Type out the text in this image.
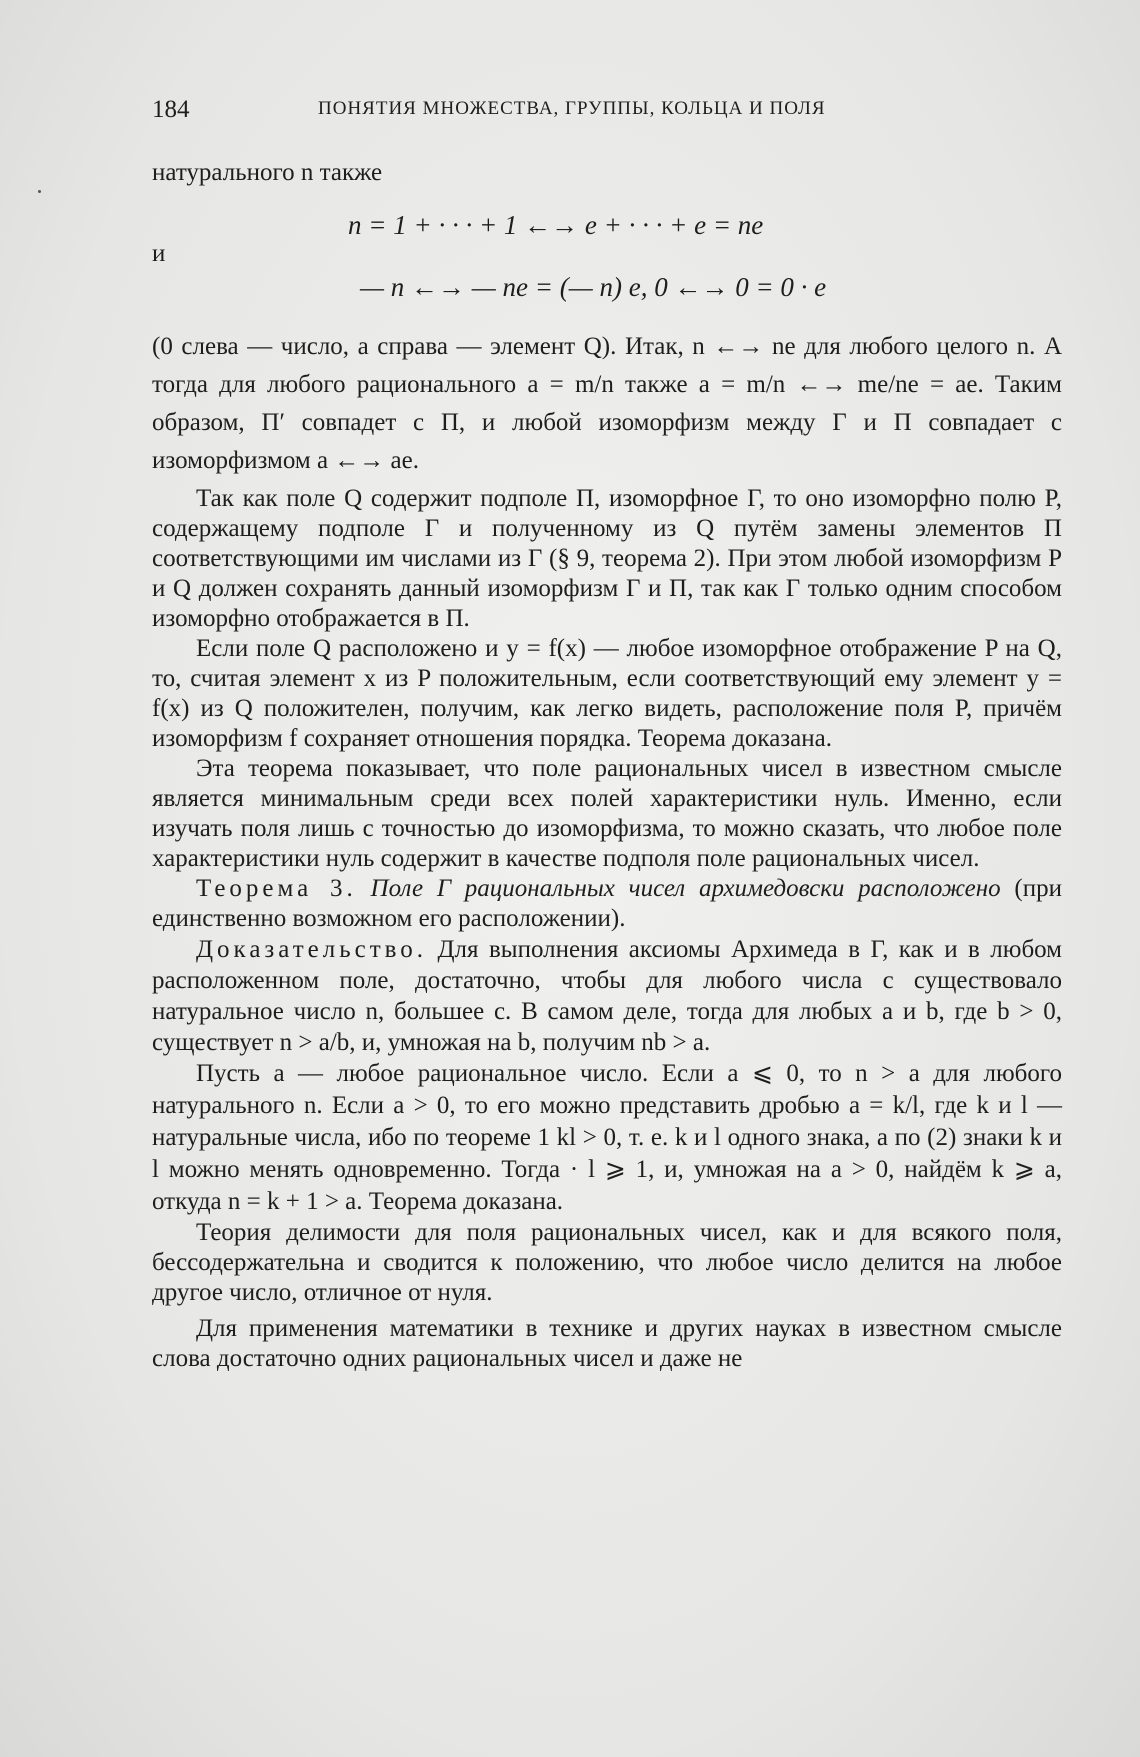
184	ПОНЯТИЯ МНОЖЕСТВА, ГРУППЫ, КОЛЬЦА И ПОЛЯ

натурального n также

n = 1 + · · · + 1 ←→ e + · · · + e = ne
и
— n ←→ — ne = (— n) e, 0 ←→ 0 = 0 · e

(0 слева — число, а справа — элемент Q). Итак, n ←→ ne для любого целого n. А тогда для любого рационального a = m/n также a = m/n ←→ me/ne = ae. Таким образом, П′ совпадет с П, и любой изоморфизм между Г и П совпадает с изоморфизмом a ←→ ae.

Так как поле Q содержит подполе П, изоморфное Г, то оно изоморфно полю P, содержащему подполе Г и полученному из Q путём замены элементов П соответствующими им числами из Г (§ 9, теорема 2). При этом любой изоморфизм P и Q должен сохранять данный изоморфизм Г и П, так как Г только одним способом изоморфно отображается в П.

Если поле Q расположено и y = f(x) — любое изоморфное отображение P на Q, то, считая элемент x из P положительным, если соответствующий ему элемент y = f(x) из Q положителен, получим, как легко видеть, расположение поля P, причём изоморфизм f сохраняет отношения порядка. Теорема доказана.

Эта теорема показывает, что поле рациональных чисел в известном смысле является минимальным среди всех полей характеристики нуль. Именно, если изучать поля лишь с точностью до изоморфизма, то можно сказать, что любое поле характеристики нуль содержит в качестве подполя поле рациональных чисел.

Теорема 3. Поле Г рациональных чисел архимедовски расположено (при единственно возможном его расположении).

Доказательство. Для выполнения аксиомы Архимеда в Г, как и в любом расположенном поле, достаточно, чтобы для любого числа c существовало натуральное число n, большее c. В самом деле, тогда для любых a и b, где b > 0, существует n > a/b, и, умножая на b, получим nb > a.

Пусть a — любое рациональное число. Если a ⩽ 0, то n > a для любого натурального n. Если a > 0, то его можно представить дробью a = k/l, где k и l — натуральные числа, ибо по теореме 1 kl > 0, т. е. k и l одного знака, а по (2) знаки k и l можно менять одновременно. Тогда · l ⩾ 1, и, умножая на a > 0, найдём k ⩾ a, откуда n = k + 1 > a. Теорема доказана.

Теория делимости для поля рациональных чисел, как и для всякого поля, бессодержательна и сводится к положению, что любое число делится на любое другое число, отличное от нуля.

Для применения математики в технике и других науках в известном смысле слова достаточно одних рациональных чисел и даже не
